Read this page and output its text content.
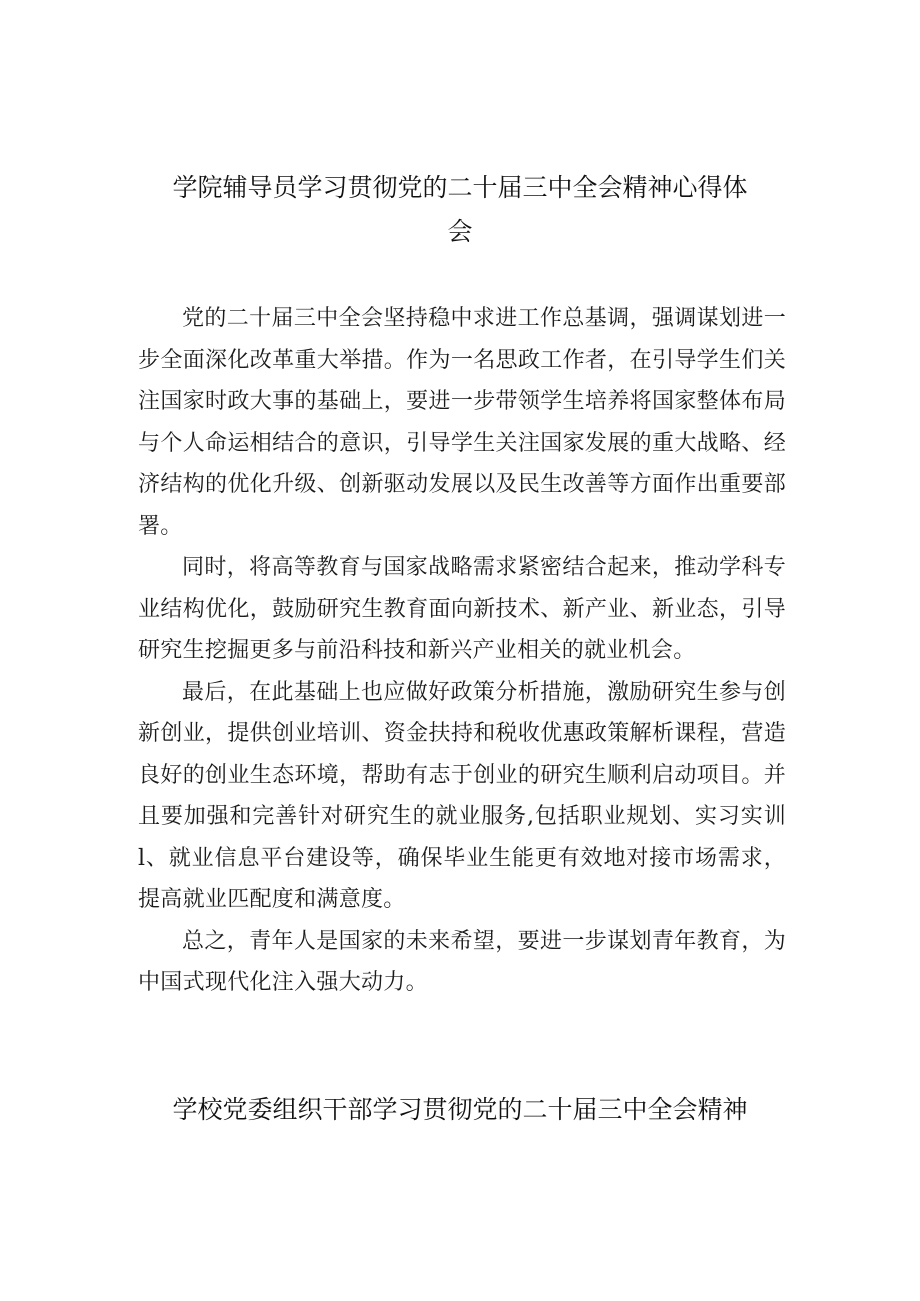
学院辅导员学习贯彻党的二十届三中全会精神心得体
会

党的二十届三中全会坚持稳中求进工作总基调，强调谋划进一步全面深化改革重大举措。作为一名思政工作者，在引导学生们关注国家时政大事的基础上，要进一步带领学生培养将国家整体布局与个人命运相结合的意识，引导学生关注国家发展的重大战略、经济结构的优化升级、创新驱动发展以及民生改善等方面作出重要部署。

同时，将高等教育与国家战略需求紧密结合起来，推动学科专业结构优化，鼓励研究生教育面向新技术、新产业、新业态，引导研究生挖掘更多与前沿科技和新兴产业相关的就业机会。

最后，在此基础上也应做好政策分析措施，激励研究生参与创新创业，提供创业培训、资金扶持和税收优惠政策解析课程，营造良好的创业生态环境，帮助有志于创业的研究生顺利启动项目。并且要加强和完善针对研究生的就业服务,包括职业规划、实习实训l、就业信息平台建设等，确保毕业生能更有效地对接市场需求，提高就业匹配度和满意度。

总之，青年人是国家的未来希望，要进一步谋划青年教育，为中国式现代化注入强大动力。

学校党委组织干部学习贯彻党的二十届三中全会精神
